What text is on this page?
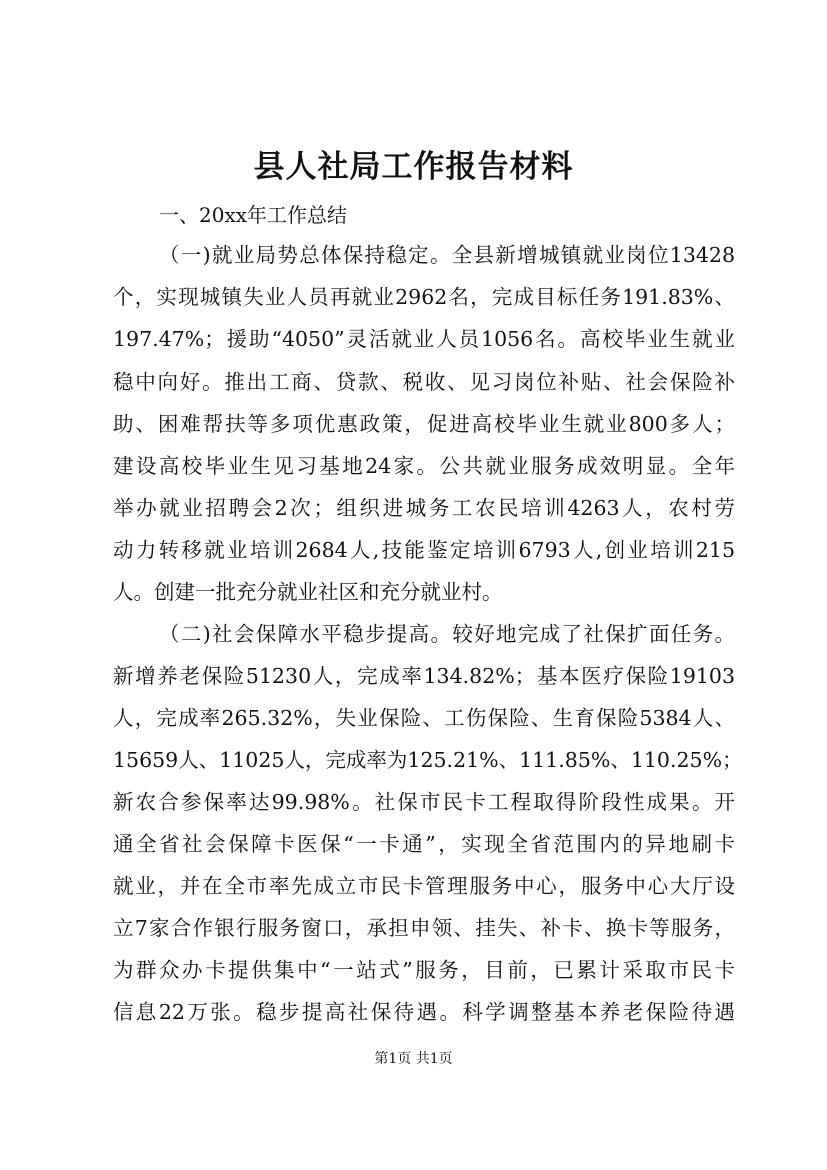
县人社局工作报告材料
一、20xx年工作总结
（一)就业局势总体保持稳定。全县新增城镇就业岗位13428
个，实现城镇失业人员再就业2962名，完成目标任务191.83%、
197.47%；援助“4050”灵活就业人员1056名。高校毕业生就业
稳中向好。推出工商、贷款、税收、见习岗位补贴、社会保险补
助、困难帮扶等多项优惠政策，促进高校毕业生就业800多人；
建设高校毕业生见习基地24家。公共就业服务成效明显。全年
举办就业招聘会2次；组织进城务工农民培训4263人，农村劳
动力转移就业培训2684人,技能鉴定培训6793人,创业培训215
人。创建一批充分就业社区和充分就业村。
（二)社会保障水平稳步提高。较好地完成了社保扩面任务。
新增养老保险51230人，完成率134.82%；基本医疗保险19103
人，完成率265.32%，失业保险、工伤保险、生育保险5384人、
15659人、11025人，完成率为125.21%、111.85%、110.25%；
新农合参保率达99.98%。社保市民卡工程取得阶段性成果。开
通全省社会保障卡医保“一卡通”，实现全省范围内的异地刷卡
就业，并在全市率先成立市民卡管理服务中心，服务中心大厅设
立7家合作银行服务窗口，承担申领、挂失、补卡、换卡等服务，
为群众办卡提供集中“一站式”服务，目前，已累计采取市民卡
信息22万张。稳步提高社保待遇。科学调整基本养老保险待遇
第1页 共1页
